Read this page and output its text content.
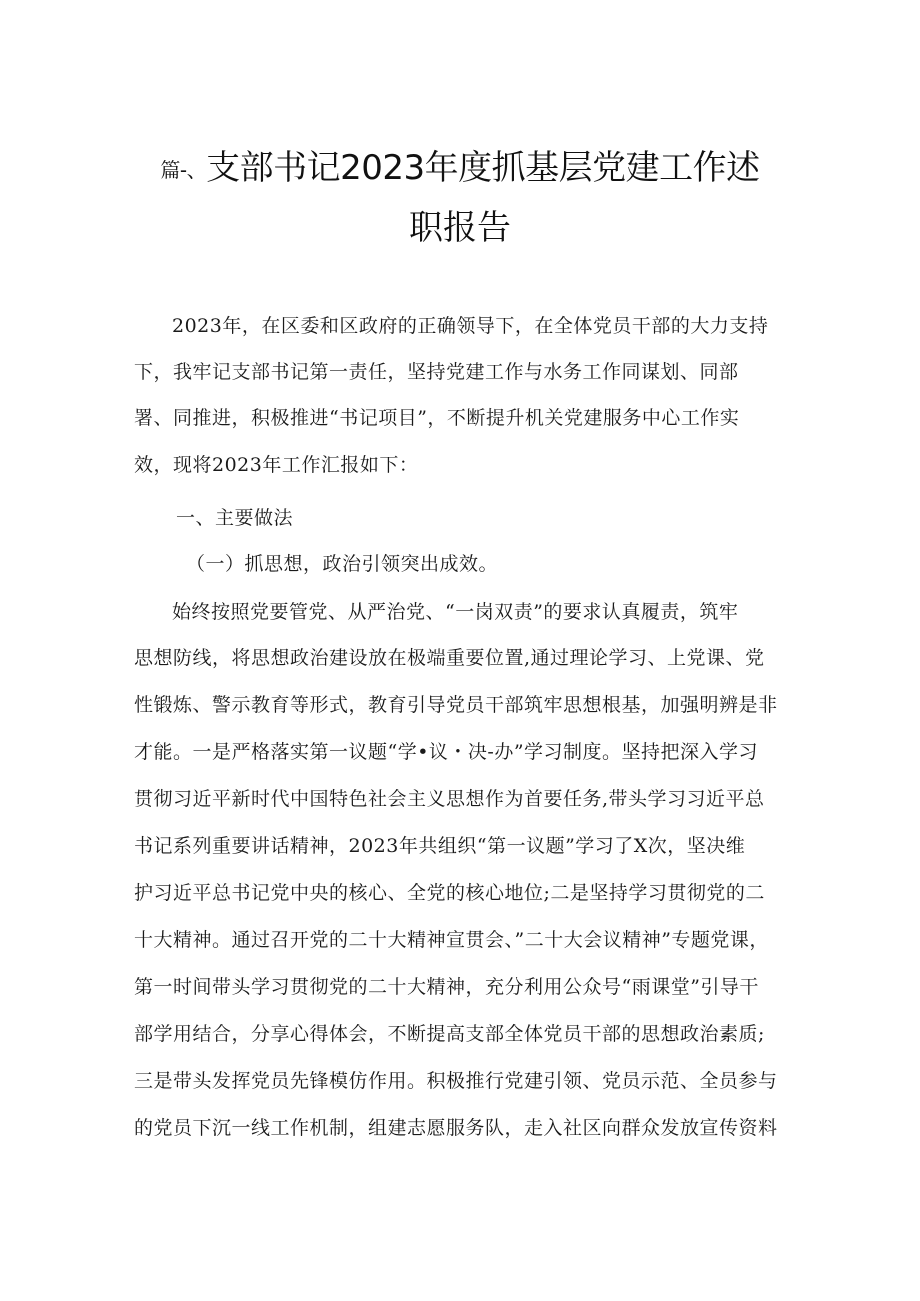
篇-、支部书记2023年度抓基层党建工作述
职报告
2023年，在区委和区政府的正确领导下，在全体党员干部的大力支持
下，我牢记支部书记第一责任，坚持党建工作与水务工作同谋划、同部
署、同推进，积极推进“书记项目”，不断提升机关党建服务中心工作实
效，现将2023年工作汇报如下：
一、主要做法
（一）抓思想，政治引领突出成效。
始终按照党要管党、从严治党、“一岗双责”的要求认真履责，筑牢
思想防线，将思想政治建设放在极端重要位置,通过理论学习、上党课、党
性锻炼、警示教育等形式，教育引导党员干部筑牢思想根基，加强明辨是非
才能。一是严格落实第一议题“学•议・决-办”学习制度。坚持把深入学习
贯彻习近平新时代中国特色社会主义思想作为首要任务,带头学习习近平总
书记系列重要讲话精神，2023年共组织“第一议题”学习了X次，坚决维
护习近平总书记党中央的核心、全党的核心地位;二是坚持学习贯彻党的二
十大精神。通过召开党的二十大精神宣贯会、”二十大会议精神”专题党课，
第一时间带头学习贯彻党的二十大精神，充分利用公众号“雨课堂”引导干
部学用结合，分享心得体会，不断提高支部全体党员干部的思想政治素质;
三是带头发挥党员先锋模仿作用。积极推行党建引领、党员示范、全员参与
的党员下沉一线工作机制，组建志愿服务队，走入社区向群众发放宣传资料
